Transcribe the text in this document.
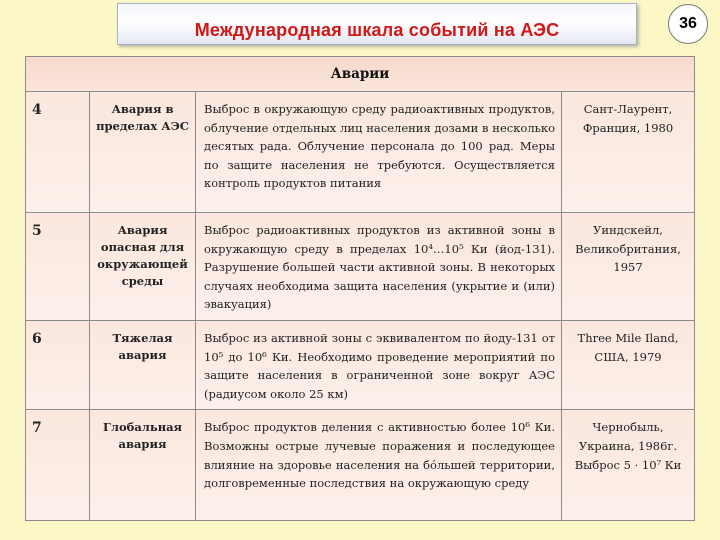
Международная шкала событий на АЭС	36
Аварии			
4	Авария в пределах АЭС	Выброс в окружающую среду радиоактивных продуктов, облучение отдельных лиц населения дозами в несколько десятых рада. Облучение персонала до 100 рад. Меры по защите населения не требуются. Осуществляется контроль продуктов питания	Сант-Лаурент, Франция, 1980
5	Авария опасная для окружающей среды	Выброс радиоактивных продуктов из активной зоны в окружающую среду в пределах 10⁴…10⁵ Ки (йод-131). Разрушение большей части активной зоны. В некоторых случаях необходима защита населения (укрытие и (или) эвакуация)	Уиндскейл, Великобритания, 1957
6	Тяжелая авария	Выброс из активной зоны с эквивалентом по йоду-131 от 10⁵ до 10⁶ Ки. Необходимо проведение мероприятий по защите населения в ограниченной зоне вокруг АЭС (радиусом около 25 км)	Three Mile Iland, США, 1979
7	Глобальная авария	Выброс продуктов деления с активностью более 10⁶ Ки. Возможны острые лучевые поражения и последующее влияние на здоровье населения на бóльшей территории, долговременные последствия на окружающую среду	Чернобыль, Украина, 1986г. Выброс 5 · 10⁷ Ки
